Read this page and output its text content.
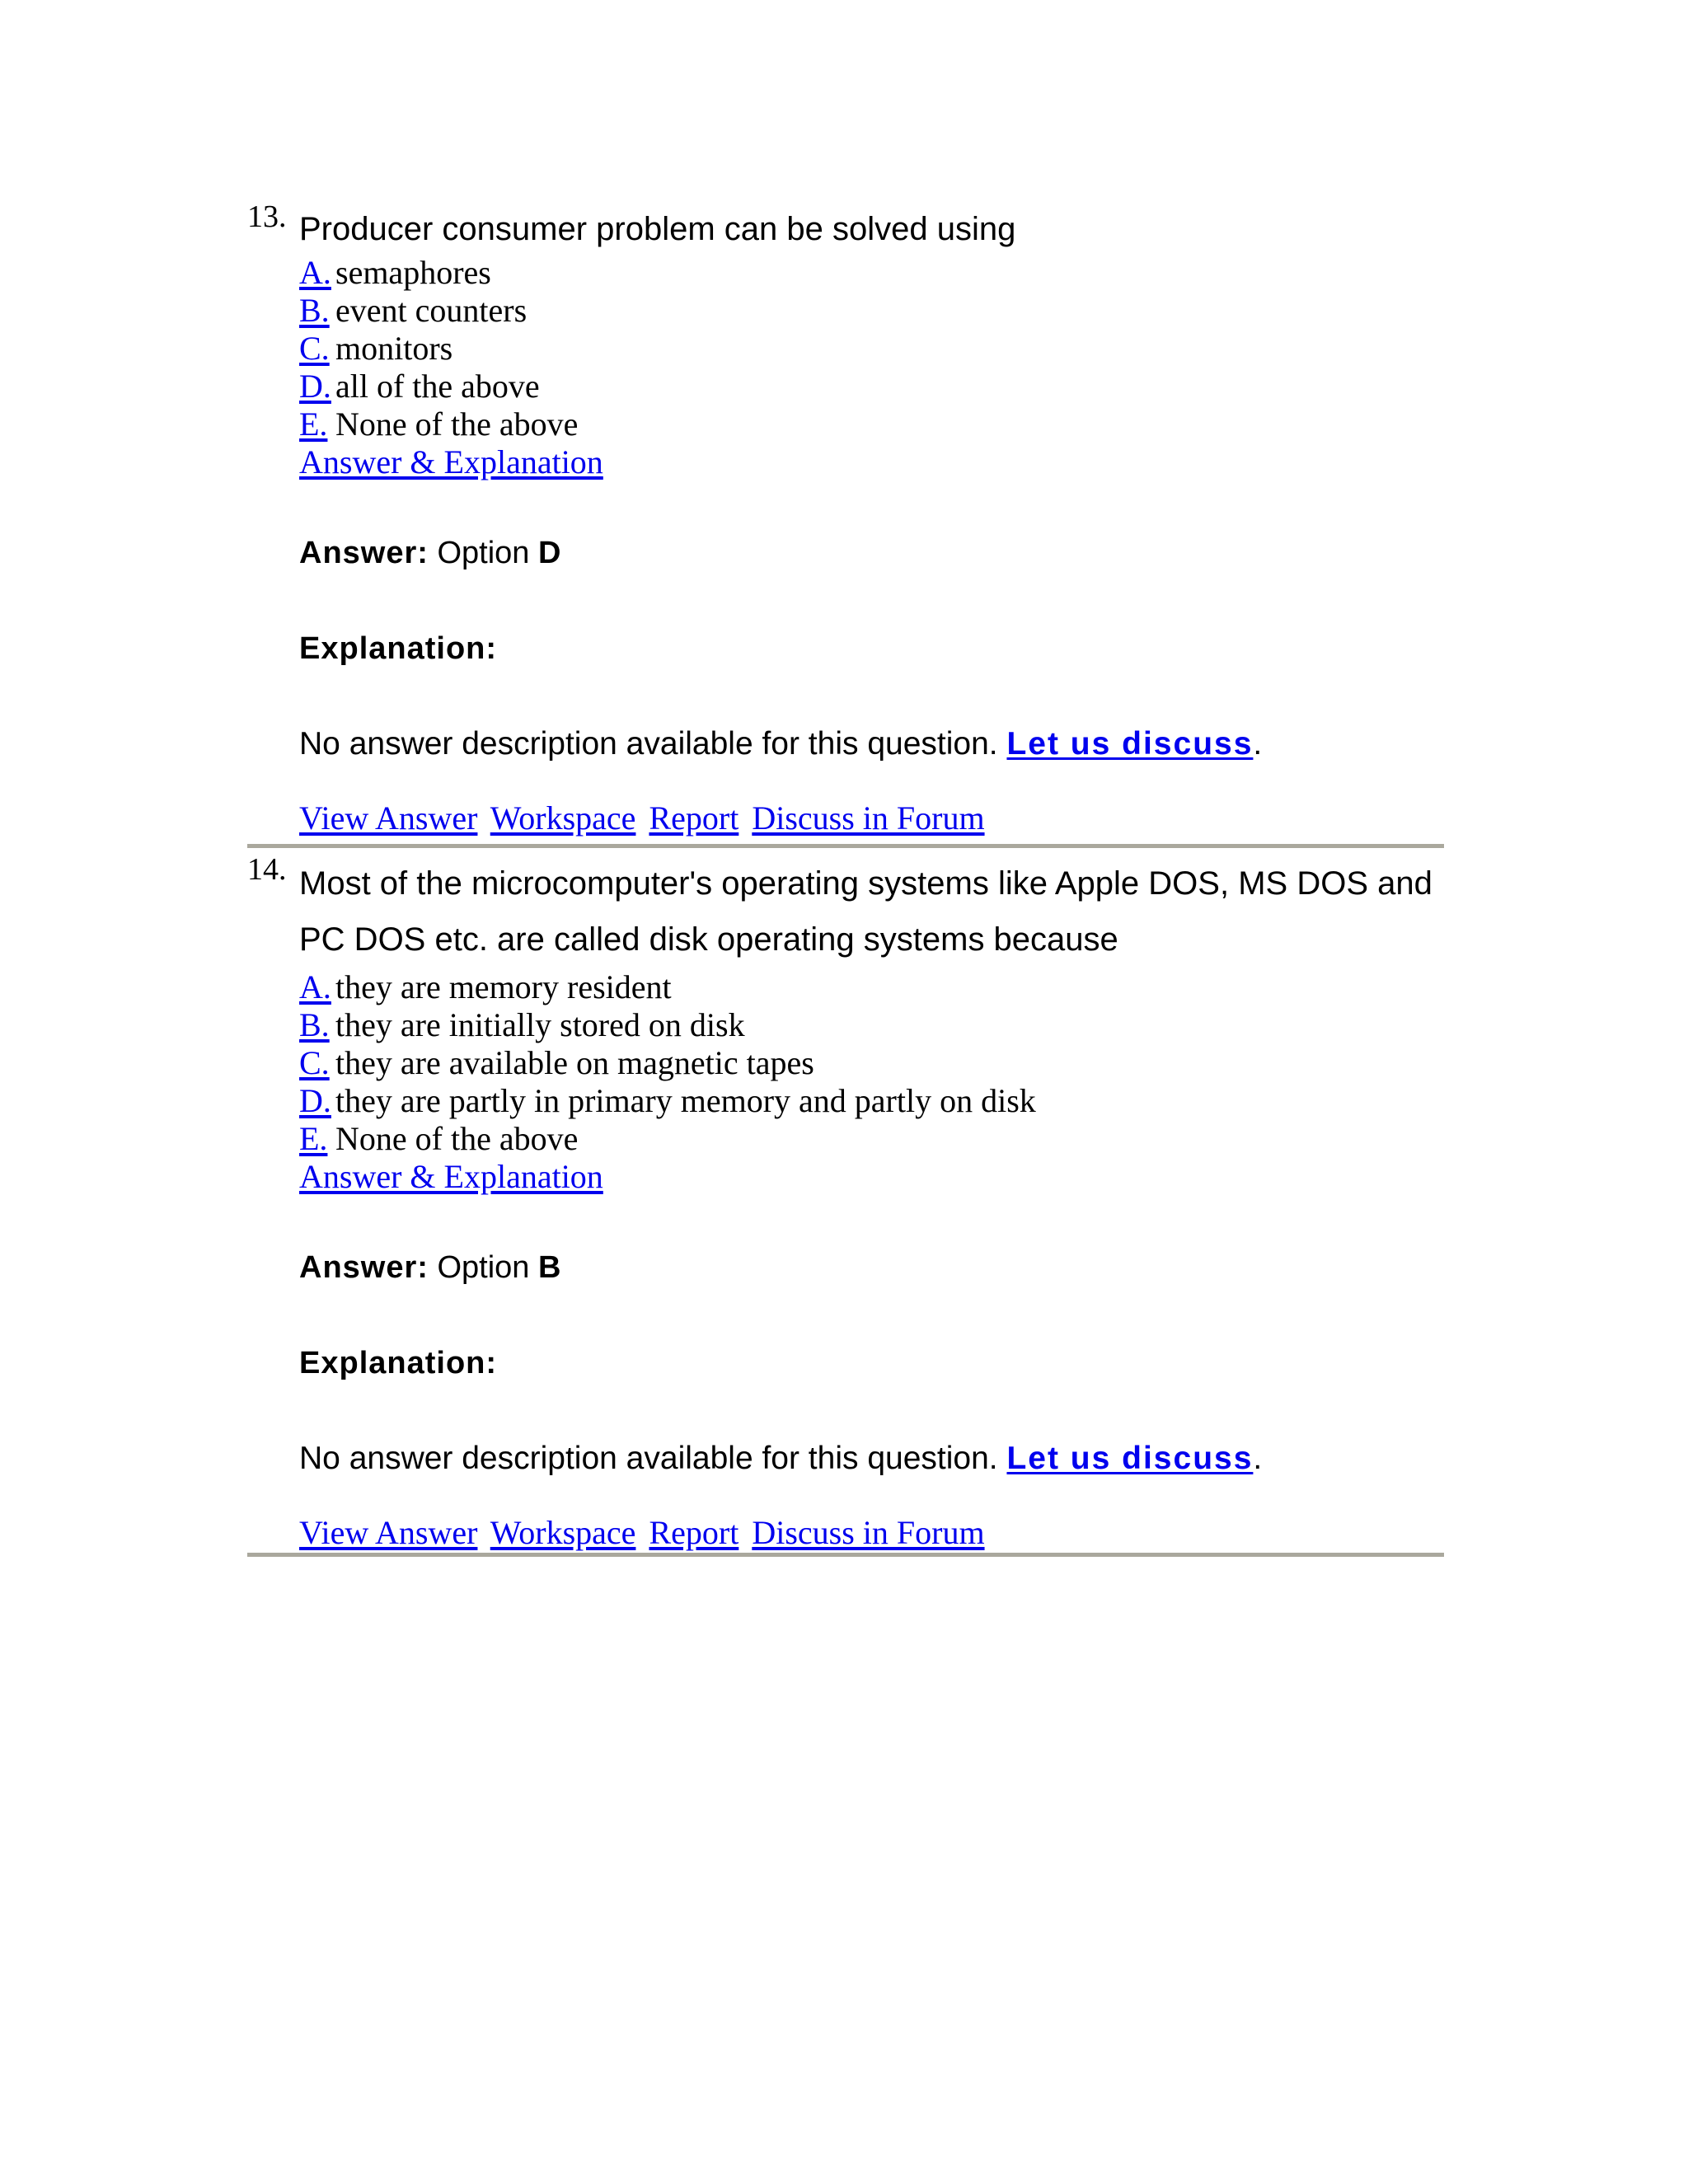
13. Producer consumer problem can be solved using

A. semaphores
B. event counters
C. monitors
D. all of the above
E. None of the above
Answer & Explanation

Answer: Option D

Explanation:

No answer description available for this question. Let us discuss.

View Answer Workspace Report Discuss in Forum
14. Most of the microcomputer's operating systems like Apple DOS, MS DOS and

PC DOS etc. are called disk operating systems because

A. they are memory resident
B. they are initially stored on disk
C. they are available on magnetic tapes
D. they are partly in primary memory and partly on disk
E. None of the above
Answer & Explanation

Answer: Option B

Explanation:

No answer description available for this question. Let us discuss.

View Answer Workspace Report Discuss in Forum
